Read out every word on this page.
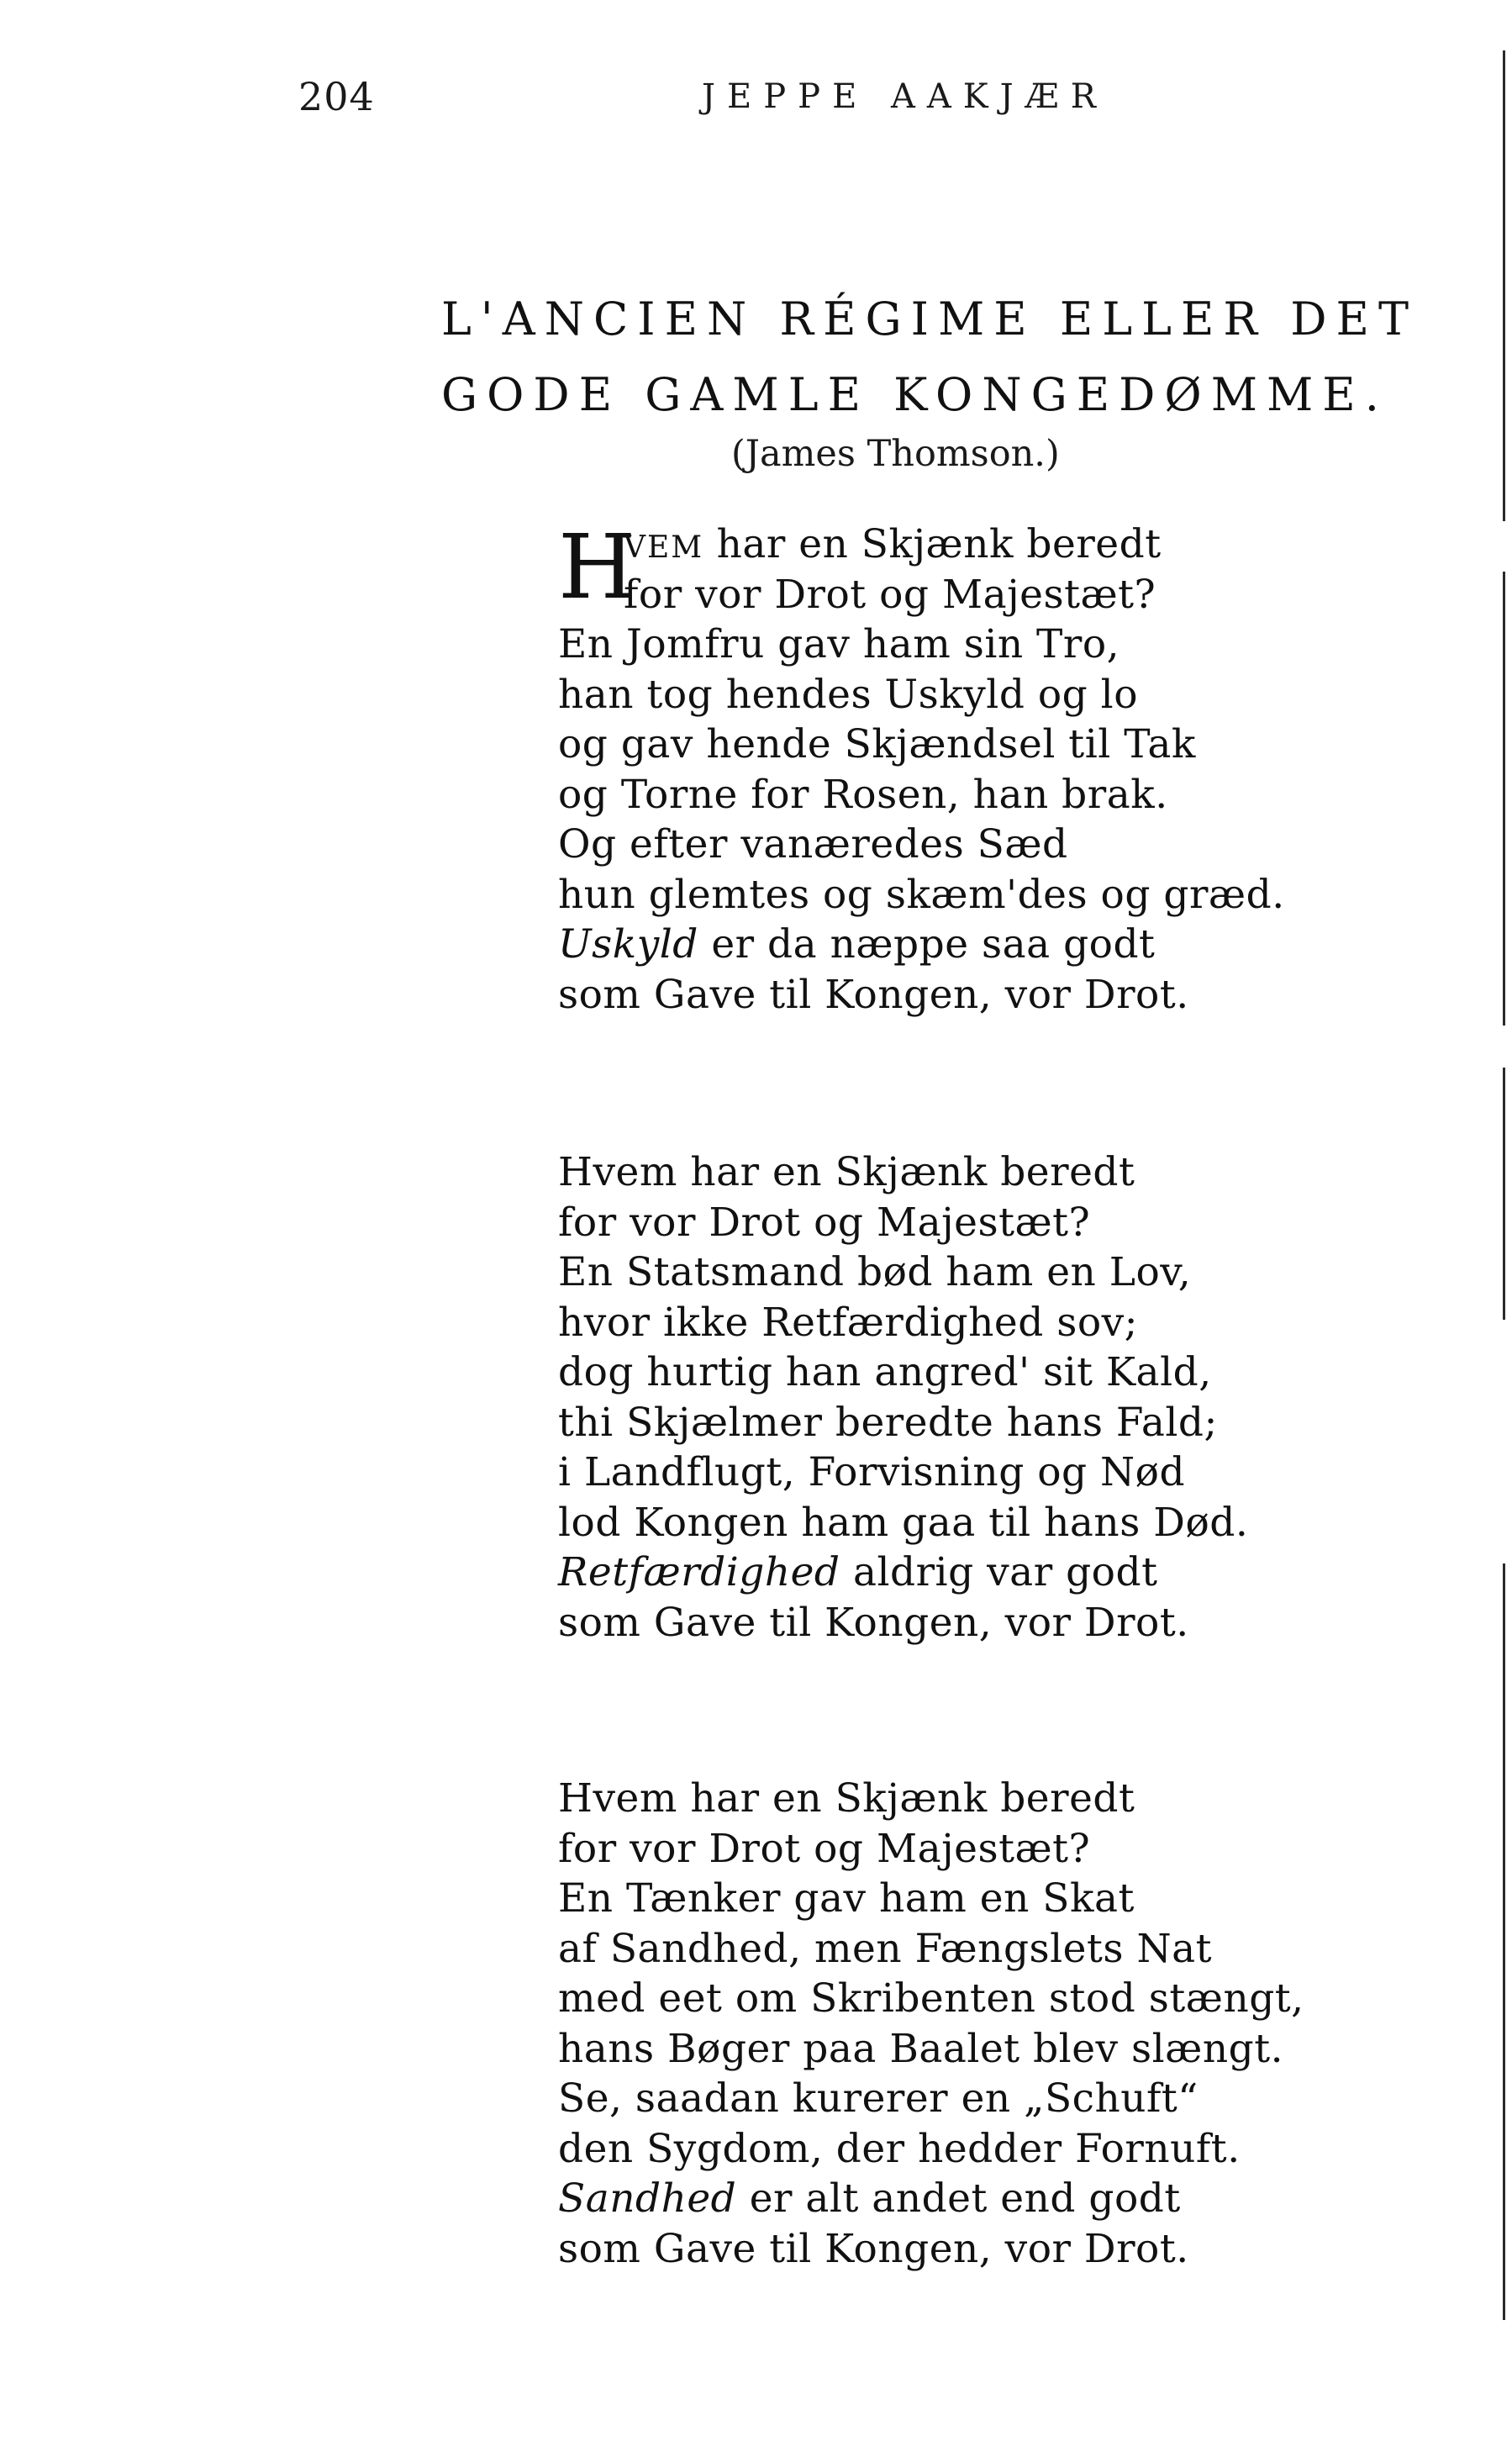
204	JEPPE AAKJÆR
L'ANCIEN RÉGIME ELLER DET
GODE GAMLE KONGEDØMME.
(James Thomson.)
H
VEM har en Skjænk beredt
for vor Drot og Majestæt?
En Jomfru gav ham sin Tro,
han tog hendes Uskyld og lo
og gav hende Skjændsel til Tak
og Torne for Rosen, han brak.
Og efter vanæredes Sæd
hun glemtes og skæm'des og græd.
Uskyld er da næppe saa godt
som Gave til Kongen, vor Drot.
Hvem har en Skjænk beredt
for vor Drot og Majestæt?
En Statsmand bød ham en Lov,
hvor ikke Retfærdighed sov;
dog hurtig han angred' sit Kald,
thi Skjælmer beredte hans Fald;
i Landflugt, Forvisning og Nød
lod Kongen ham gaa til hans Død.
Retfærdighed aldrig var godt
som Gave til Kongen, vor Drot.
Hvem har en Skjænk beredt
for vor Drot og Majestæt?
En Tænker gav ham en Skat
af Sandhed, men Fængslets Nat
med eet om Skribenten stod stængt,
hans Bøger paa Baalet blev slængt.
Se, saadan kurerer en „Schuft“
den Sygdom, der hedder Fornuft.
Sandhed er alt andet end godt
som Gave til Kongen, vor Drot.
